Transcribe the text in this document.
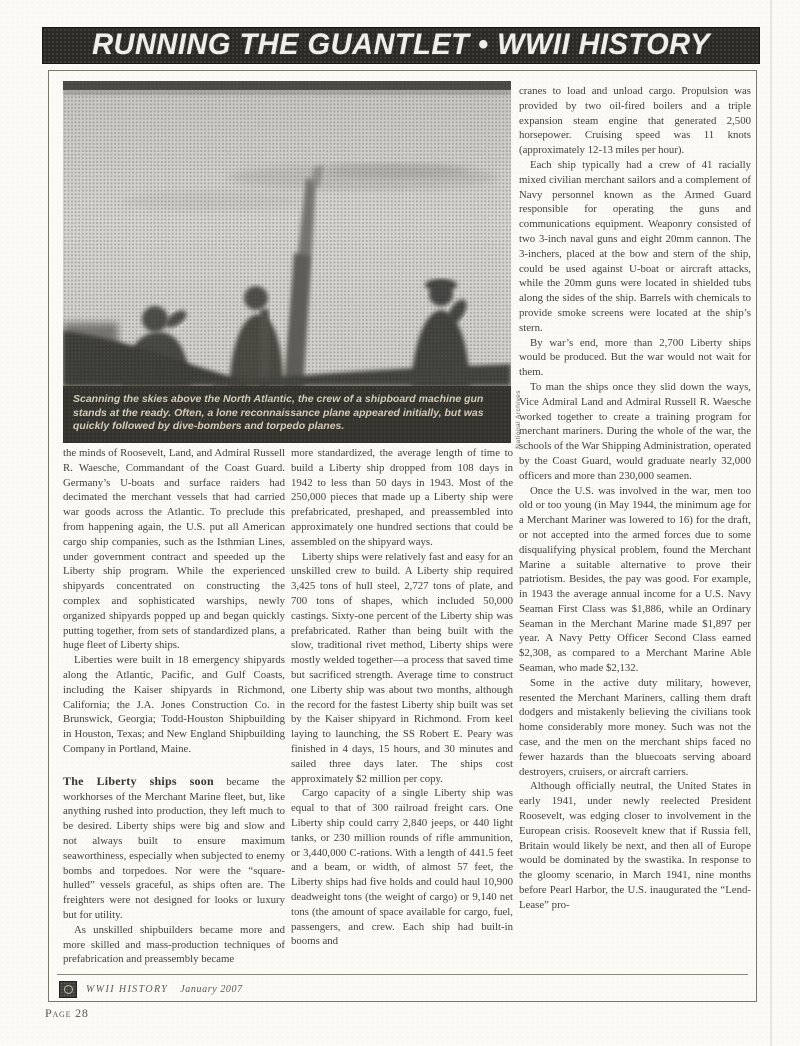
RUNNING THE GUANTLET • WWII HISTORY
Scanning the skies above the North Atlantic, the crew of a shipboard machine gun stands at the ready. Often, a lone reconnaissance plane appeared initially, but was quickly followed by dive-bombers and torpedo planes.	National Archives

the minds of Roosevelt, Land, and Admiral Russell R. Waesche, Commandant of the Coast Guard. Germany’s U-boats and surface raiders had decimated the merchant vessels that had carried war goods across the Atlantic. To preclude this from happening again, the U.S. put all American cargo ship companies, such as the Isthmian Lines, under government contract and speeded up the Liberty ship program. While the experienced shipyards concentrated on constructing the complex and sophisticated warships, newly organized shipyards popped up and began quickly putting together, from sets of standardized plans, a huge fleet of Liberty ships.

Liberties were built in 18 emergency shipyards along the Atlantic, Pacific, and Gulf Coasts, including the Kaiser shipyards in Richmond, California; the J.A. Jones Construction Co. in Brunswick, Georgia; Todd-Houston Shipbuilding in Houston, Texas; and New England Shipbuilding Company in Portland, Maine.

The Liberty ships soon became the workhorses of the Merchant Marine fleet, but, like anything rushed into production, they left much to be desired. Liberty ships were big and slow and not always built to ensure maximum seaworthiness, especially when subjected to enemy bombs and torpedoes. Nor were the “square-hulled” vessels graceful, as ships often are. The freighters were not designed for looks or luxury but for utility.

As unskilled shipbuilders became more and more skilled and mass-production techniques of prefabrication and preassembly became

more standardized, the average length of time to build a Liberty ship dropped from 108 days in 1942 to less than 50 days in 1943. Most of the 250,000 pieces that made up a Liberty ship were prefabricated, preshaped, and preassembled into approximately one hundred sections that could be assembled on the shipyard ways.

Liberty ships were relatively fast and easy for an unskilled crew to build. A Liberty ship required 3,425 tons of hull steel, 2,727 tons of plate, and 700 tons of shapes, which included 50,000 castings. Sixty-one percent of the Liberty ship was prefabricated. Rather than being built with the slow, traditional rivet method, Liberty ships were mostly welded together—a process that saved time but sacrificed strength. Average time to construct one Liberty ship was about two months, although the record for the fastest Liberty ship built was set by the Kaiser shipyard in Richmond. From keel laying to launching, the SS Robert E. Peary was finished in 4 days, 15 hours, and 30 minutes and sailed three days later. The ships cost approximately $2 million per copy.

Cargo capacity of a single Liberty ship was equal to that of 300 railroad freight cars. One Liberty ship could carry 2,840 jeeps, or 440 light tanks, or 230 million rounds of rifle ammunition, or 3,440,000 C-rations. With a length of 441.5 feet and a beam, or width, of almost 57 feet, the Liberty ships had five holds and could haul 10,900 deadweight tons (the weight of cargo) or 9,140 net tons (the amount of space available for cargo, fuel, passengers, and crew. Each ship had built-in booms and

cranes to load and unload cargo. Propulsion was provided by two oil-fired boilers and a triple expansion steam engine that generated 2,500 horsepower. Cruising speed was 11 knots (approximately 12-13 miles per hour).

Each ship typically had a crew of 41 racially mixed civilian merchant sailors and a complement of Navy personnel known as the Armed Guard responsible for operating the guns and communications equipment. Weaponry consisted of two 3-inch naval guns and eight 20mm cannon. The 3-inchers, placed at the bow and stern of the ship, could be used against U-boat or aircraft attacks, while the 20mm guns were located in shielded tubs along the sides of the ship. Barrels with chemicals to provide smoke screens were located at the ship’s stern.

By war’s end, more than 2,700 Liberty ships would be produced. But the war would not wait for them.

To man the ships once they slid down the ways, Vice Admiral Land and Admiral Russell R. Waesche worked together to create a training program for merchant mariners. During the whole of the war, the schools of the War Shipping Administration, operated by the Coast Guard, would graduate nearly 32,000 officers and more than 230,000 seamen.

Once the U.S. was involved in the war, men too old or too young (in May 1944, the minimum age for a Merchant Mariner was lowered to 16) for the draft, or not accepted into the armed forces due to some disqualifying physical problem, found the Merchant Marine a suitable alternative to prove their patriotism. Besides, the pay was good. For example, in 1943 the average annual income for a U.S. Navy Seaman First Class was $1,886, while an Ordinary Seaman in the Merchant Marine made $1,897 per year. A Navy Petty Officer Second Class earned $2,308, as compared to a Merchant Marine Able Seaman, who made $2,132.

Some in the active duty military, however, resented the Merchant Mariners, calling them draft dodgers and mistakenly believing the civilians took home considerably more money. Such was not the case, and the men on the merchant ships faced no fewer hazards than the bluecoats serving aboard destroyers, cruisers, or aircraft carriers.

Although officially neutral, the United States in early 1941, under newly reelected President Roosevelt, was edging closer to involvement in the European crisis. Roosevelt knew that if Russia fell, Britain would likely be next, and then all of Europe would be dominated by the swastika. In response to the gloomy scenario, in March 1941, nine months before Pearl Harbor, the U.S. inaugurated the “Lend-Lease” pro-

WWII HISTORY January 2007
Page 28
